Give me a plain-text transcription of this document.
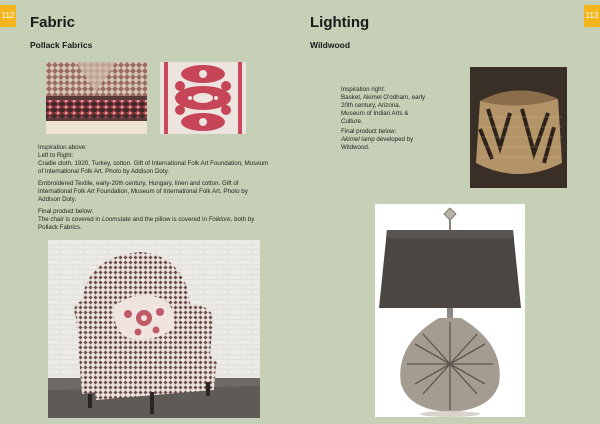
112 Fabric
Pollack Fabrics
Inspiration above:
Left to Right:
Cradle cloth, 1920, Turkey, cotton. Gift of International Folk Art Foundation, Museum
of International Folk Art. Photo by Addison Doty.
Embroidered Textile, early-20th century, Hungary, linen and cotton. Gift of
International Folk Art Foundation, Museum of International Folk Art. Photo by
Addison Doty.
Final product below:
The chair is covered in Loomstate and the pillow is covered in Folklore, both by
Pollack Fabrics.
113
Lighting
Wildwood
Inspiration right:
Basket, Akimel O'odham, early
20th century, Arizona.
Museum of Indian Arts &
Culture.
Final product below:
Akimel lamp developed by
Wildwood.
